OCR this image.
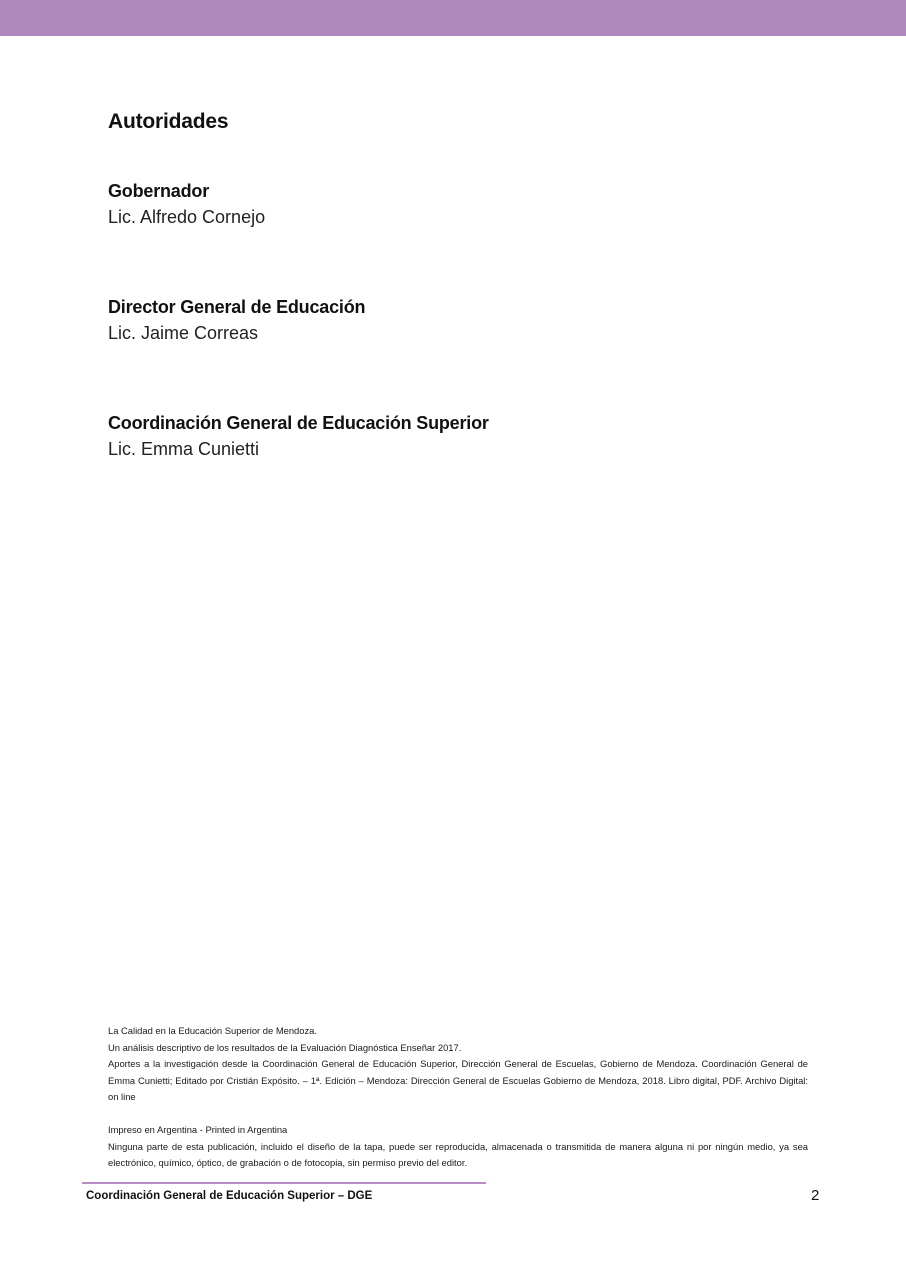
Autoridades
Gobernador
Lic. Alfredo Cornejo
Director General de Educación
Lic. Jaime Correas
Coordinación General de Educación Superior
Lic. Emma Cunietti

La Calidad en la Educación Superior de Mendoza.

Un análisis descriptivo de los resultados de la Evaluación Diagnóstica Enseñar 2017.

Aportes a la investigación desde la Coordinación General de Educación Superior, Dirección General de Escuelas, Gobierno de Mendoza. Coordinación General de Emma Cunietti; Editado por Cristián Expósito. – 1ª. Edición – Mendoza: Dirección General de Escuelas Gobierno de Mendoza, 2018. Libro digital, PDF. Archivo Digital: on line

Impreso en Argentina - Printed in Argentina

Ninguna parte de esta publicación, incluido el diseño de la tapa, puede ser reproducida, almacenada o transmitida de manera alguna ni por ningún medio, ya sea electrónico, químico, óptico, de grabación o de fotocopia, sin permiso previo del editor.

Coordinación General de Educación Superior – DGE	2
